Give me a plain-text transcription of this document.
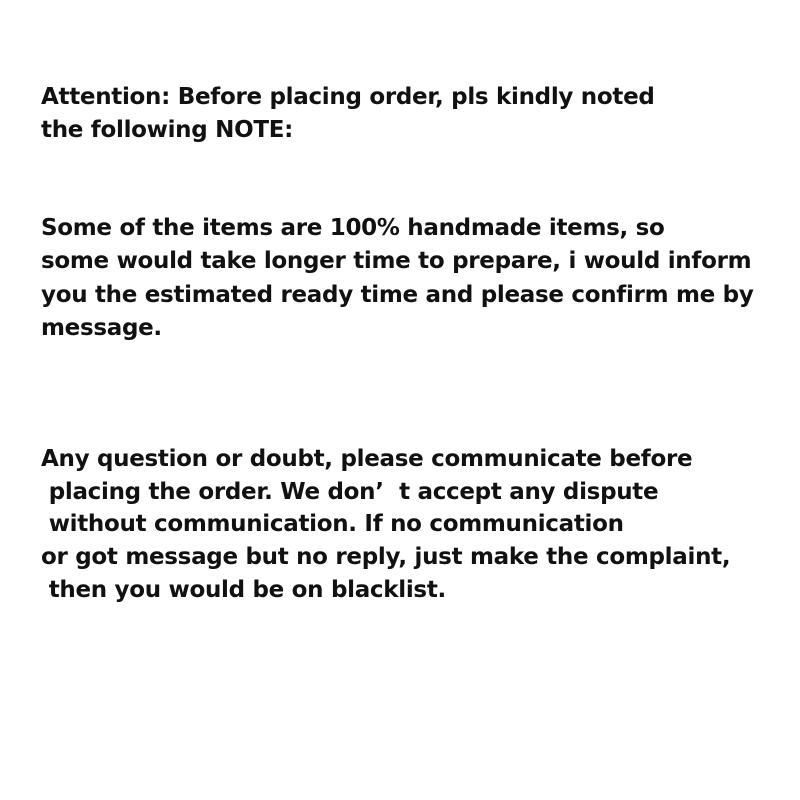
Attention: Before placing order, pls kindly noted

the following NOTE:

Some of the items are 100% handmade items, so

some would take longer time to prepare, i would inform

you the estimated ready time and please confirm me by

message.

Any question or doubt, please communicate before

placing the order. We don’  t accept any dispute

without communication. If no communication

or got message but no reply, just make the complaint,

then you would be on blacklist.
